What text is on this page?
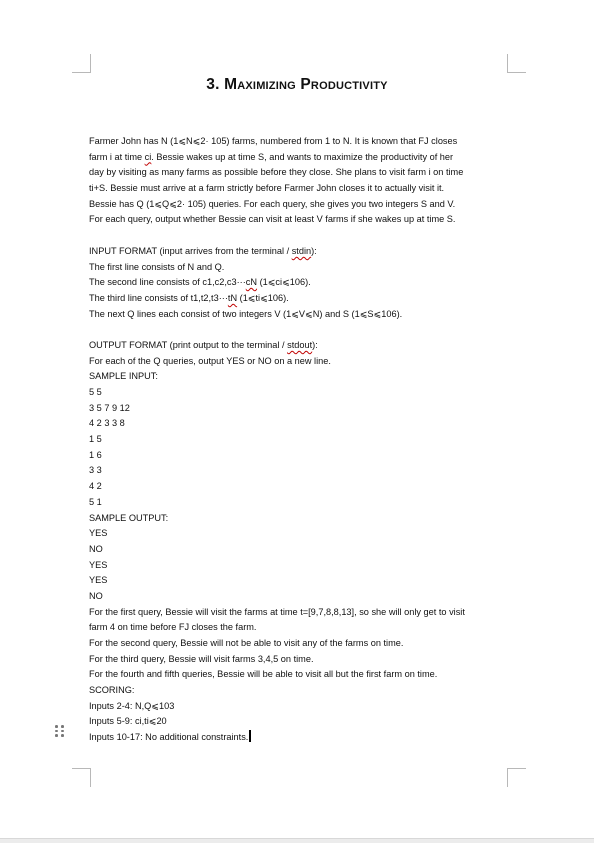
3. Maximizing Productivity
Farmer John has N (1⩽N⩽2· 105) farms, numbered from 1 to N. It is known that FJ closes
farm i at time ci. Bessie wakes up at time S, and wants to maximize the productivity of her
day by visiting as many farms as possible before they close. She plans to visit farm i on time
ti+S. Bessie must arrive at a farm strictly before Farmer John closes it to actually visit it.
Bessie has Q (1⩽Q⩽2· 105) queries. For each query, she gives you two integers S and V.
For each query, output whether Bessie can visit at least V farms if she wakes up at time S.
INPUT FORMAT (input arrives from the terminal / stdin):
The first line consists of N and Q.
The second line consists of c1,c2,c3···cN (1⩽ci⩽106).
The third line consists of t1,t2,t3···tN (1⩽ti⩽106).
The next Q lines each consist of two integers V (1⩽V⩽N) and S (1⩽S⩽106).
OUTPUT FORMAT (print output to the terminal / stdout):
For each of the Q queries, output YES or NO on a new line.
SAMPLE INPUT:
5 5
3 5 7 9 12
4 2 3 3 8
1 5
1 6
3 3
4 2
5 1
SAMPLE OUTPUT:
YES
NO
YES
YES
NO
For the first query, Bessie will visit the farms at time t=[9,7,8,8,13], so she will only get to visit
farm 4 on time before FJ closes the farm.
For the second query, Bessie will not be able to visit any of the farms on time.
For the third query, Bessie will visit farms 3,4,5 on time.
For the fourth and fifth queries, Bessie will be able to visit all but the first farm on time.
SCORING:
Inputs 2-4: N,Q⩽103
Inputs 5-9: ci,ti⩽20
Inputs 10-17: No additional constraints.
